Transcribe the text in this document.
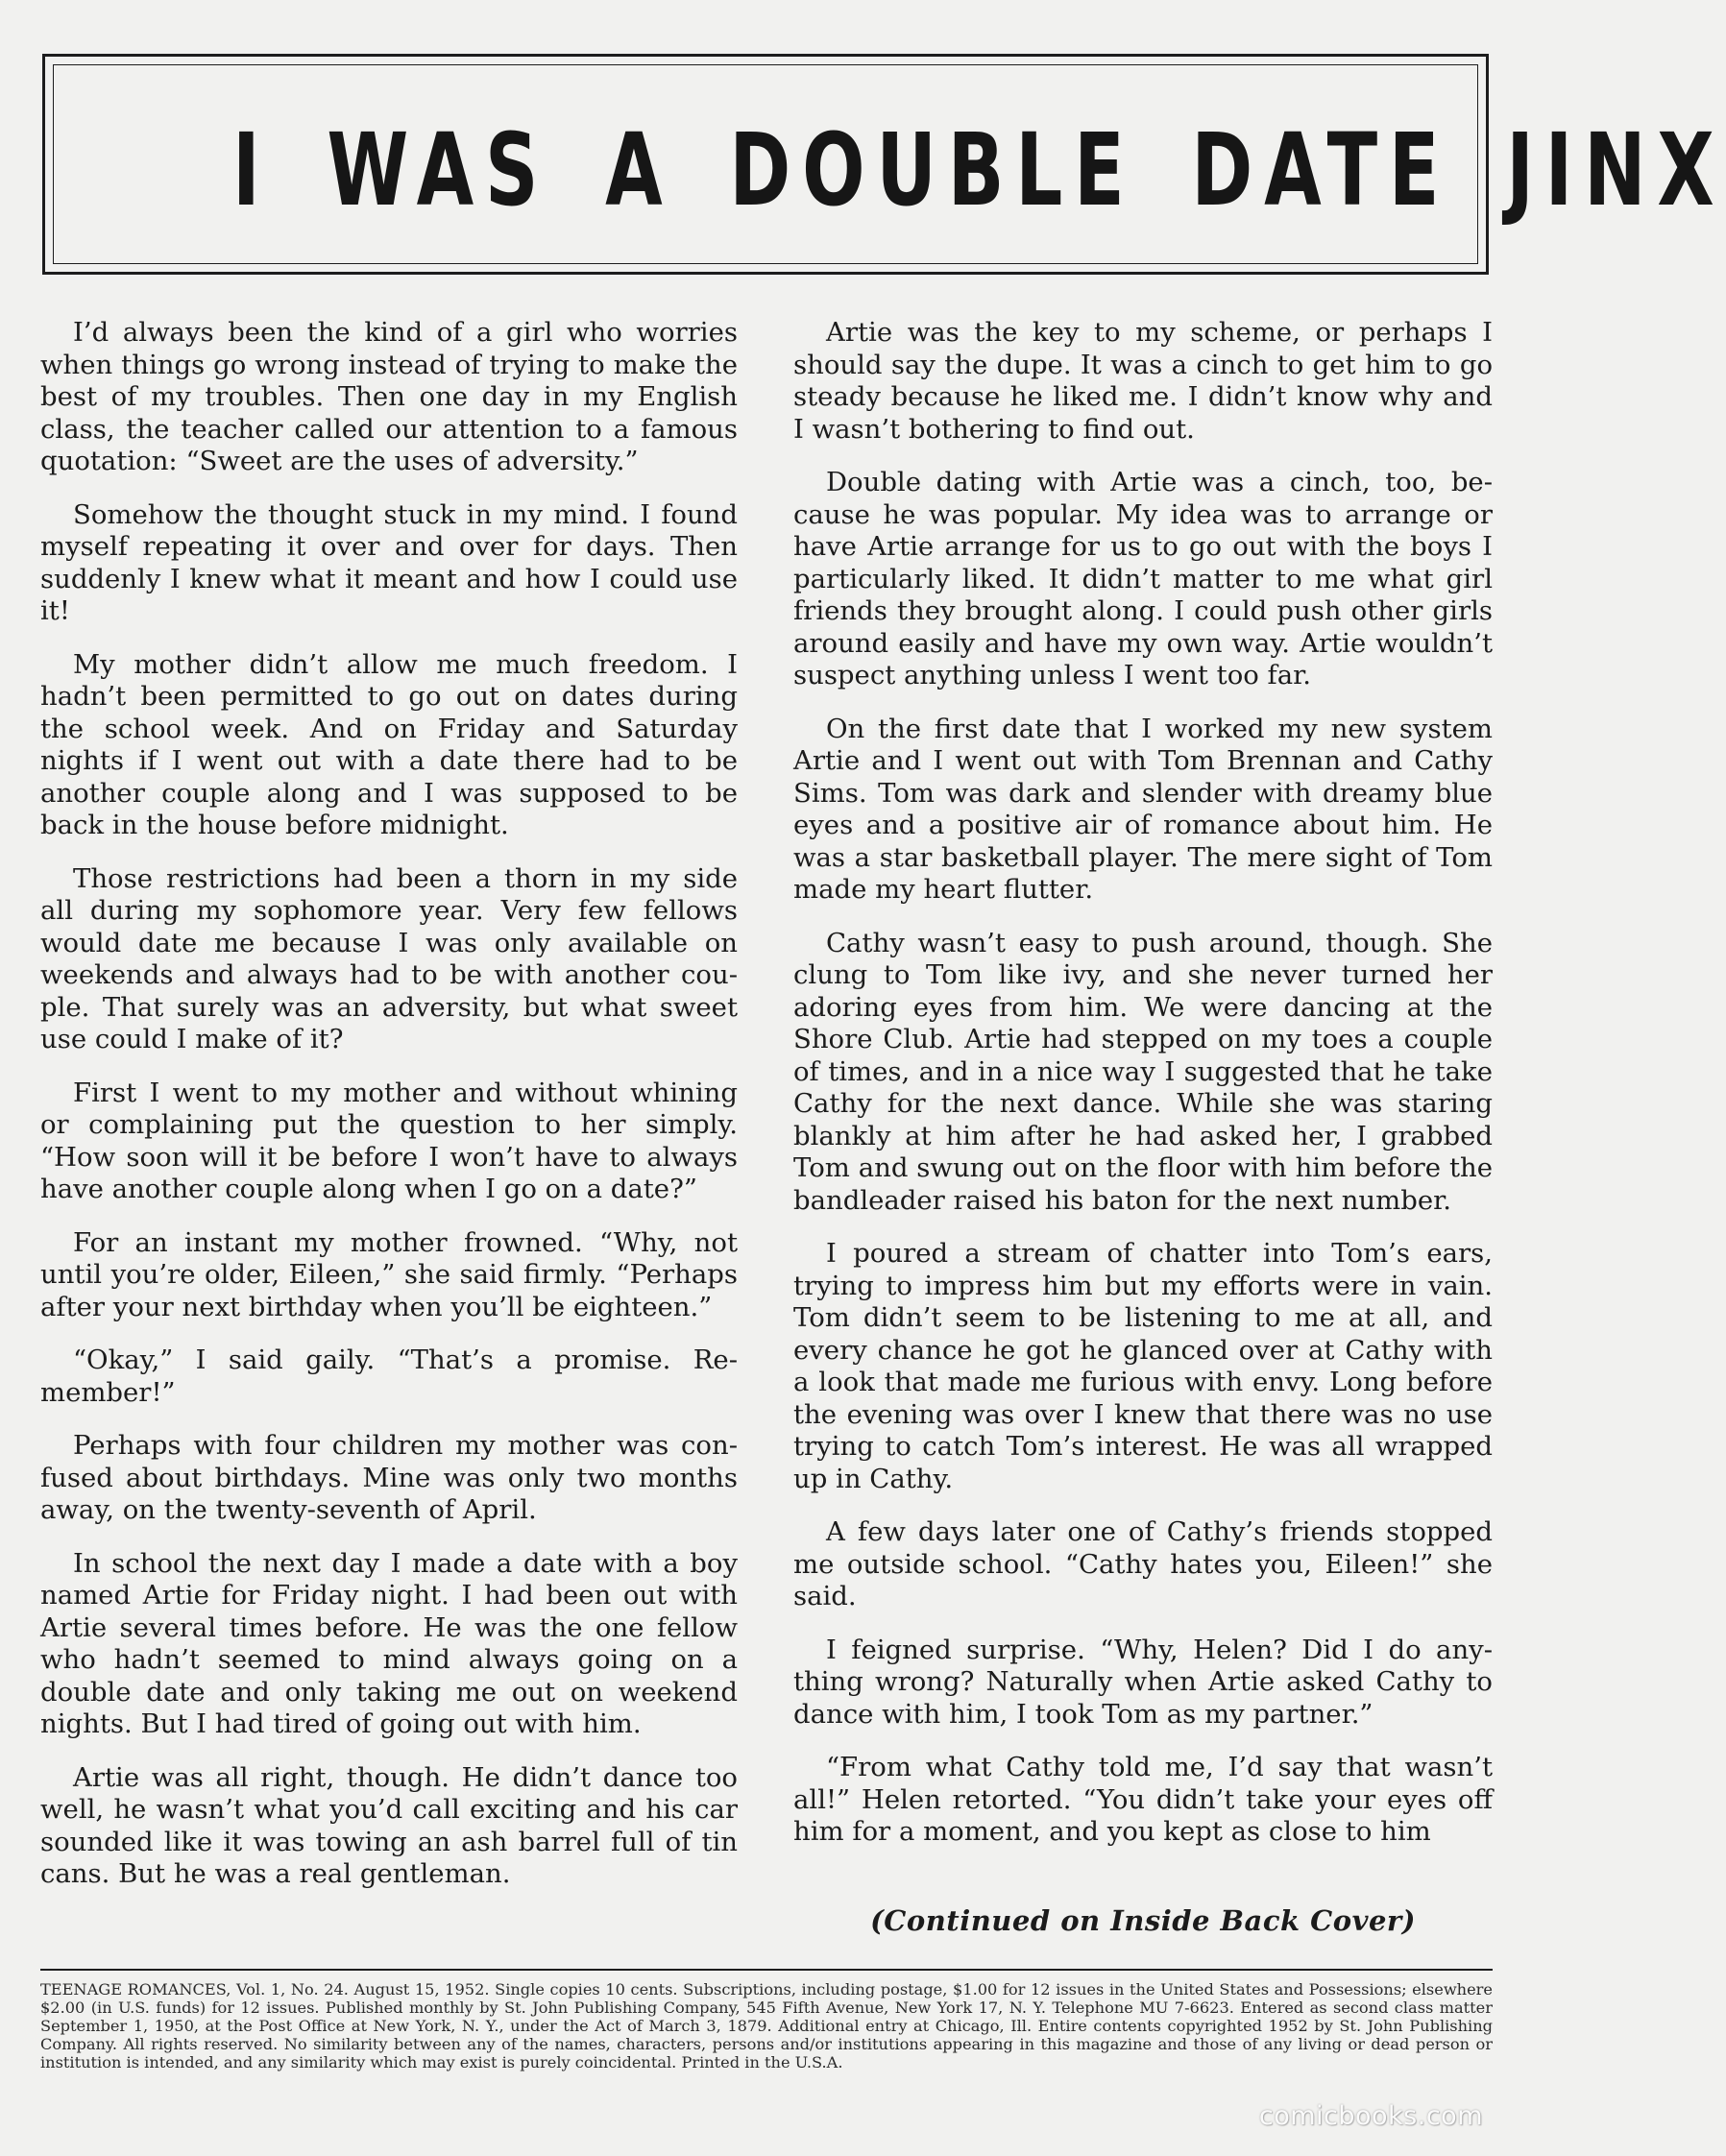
I WAS A DOUBLE DATE JINX

I’d always been the kind of a girl who worries when things go wrong instead of trying to make the best of my troubles. Then one day in my English class, the teacher called our attention to a famous quotation: “Sweet are the uses of adversity.”

Somehow the thought stuck in my mind. I found myself repeating it over and over for days. Then suddenly I knew what it meant and how I could use it!

My mother didn’t allow me much freedom. I hadn’t been permitted to go out on dates during the school week. And on Friday and Saturday nights if I went out with a date there had to be another couple along and I was supposed to be back in the house before midnight.

Those restrictions had been a thorn in my side all during my sophomore year. Very few fellows would date me because I was only available on weekends and always had to be with another couple. That surely was an adversity, but what sweet use could I make of it?

First I went to my mother and without whining or complaining put the question to her simply. “How soon will it be before I won’t have to always have another couple along when I go on a date?”

For an instant my mother frowned. “Why, not until you’re older, Eileen,” she said firmly. “Perhaps after your next birthday when you’ll be eighteen.”

“Okay,” I said gaily. “That’s a promise. Remember!”

Perhaps with four children my mother was confused about birthdays. Mine was only two months away, on the twenty-seventh of April.

In school the next day I made a date with a boy named Artie for Friday night. I had been out with Artie several times before. He was the one fellow who hadn’t seemed to mind always going on a double date and only taking me out on weekend nights. But I had tired of going out with him.

Artie was all right, though. He didn’t dance too well, he wasn’t what you’d call exciting and his car sounded like it was towing an ash barrel full of tin cans. But he was a real gentleman.

Artie was the key to my scheme, or perhaps I should say the dupe. It was a cinch to get him to go steady because he liked me. I didn’t know why and I wasn’t bothering to find out.

Double dating with Artie was a cinch, too, because he was popular. My idea was to arrange or have Artie arrange for us to go out with the boys I particularly liked. It didn’t matter to me what girl friends they brought along. I could push other girls around easily and have my own way. Artie wouldn’t suspect anything unless I went too far.

On the first date that I worked my new system Artie and I went out with Tom Brennan and Cathy Sims. Tom was dark and slender with dreamy blue eyes and a positive air of romance about him. He was a star basketball player. The mere sight of Tom made my heart flutter.

Cathy wasn’t easy to push around, though. She clung to Tom like ivy, and she never turned her adoring eyes from him. We were dancing at the Shore Club. Artie had stepped on my toes a couple of times, and in a nice way I suggested that he take Cathy for the next dance. While she was staring blankly at him after he had asked her, I grabbed Tom and swung out on the floor with him before the bandleader raised his baton for the next number.

I poured a stream of chatter into Tom’s ears, trying to impress him but my efforts were in vain. Tom didn’t seem to be listening to me at all, and every chance he got he glanced over at Cathy with a look that made me furious with envy. Long before the evening was over I knew that there was no use trying to catch Tom’s interest. He was all wrapped up in Cathy.

A few days later one of Cathy’s friends stopped me outside school. “Cathy hates you, Eileen!” she said.

I feigned surprise. “Why, Helen? Did I do anything wrong? Naturally when Artie asked Cathy to dance with him, I took Tom as my partner.”

“From what Cathy told me, I’d say that wasn’t all!” Helen retorted. “You didn’t take your eyes off him for a moment, and you kept as close to him

(Continued on Inside Back Cover)
TEENAGE ROMANCES, Vol. 1, No. 24. August 15, 1952. Single copies 10 cents. Subscriptions, including postage, $1.00 for 12 issues in the United States and Possessions; elsewhere $2.00 (in U.S. funds) for 12 issues. Published monthly by St. John Publishing Company, 545 Fifth Avenue, New York 17, N. Y. Telephone MU 7-6623. Entered as second class matter September 1, 1950, at the Post Office at New York, N. Y., under the Act of March 3, 1879. Additional entry at Chicago, Ill. Entire contents copyrighted 1952 by St. John Publishing Company. All rights reserved. No similarity between any of the names, characters, persons and/or institutions appearing in this magazine and those of any living or dead person or institution is intended, and any similarity which may exist is purely coincidental. Printed in the U.S.A.
comicbooks.com
